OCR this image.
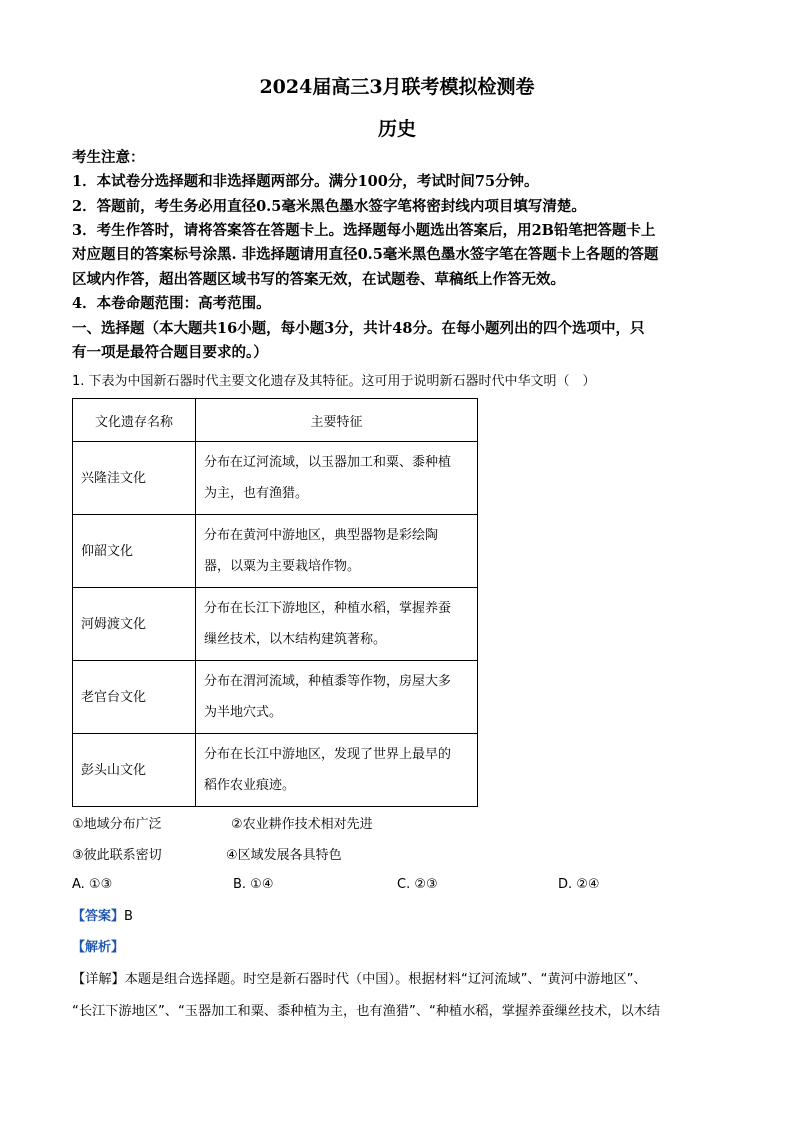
2024届高三3月联考模拟检测卷
历史
考生注意：
1．本试卷分选择题和非选择题两部分。满分100分，考试时间75分钟。
2．答题前，考生务必用直径0.5毫米黑色墨水签字笔将密封线内项目填写清楚。
3．考生作答时，请将答案答在答题卡上。选择题每小题选出答案后，用2B铅笔把答题卡上
对应题目的答案标号涂黑. 非选择题请用直径0.5毫米黑色墨水签字笔在答题卡上各题的答题
区域内作答，超出答题区域书写的答案无效，在试题卷、草稿纸上作答无效。
4．本卷命题范围：高考范围。
一、选择题（本大题共16小题，每小题3分，共计48分。在每小题列出的四个选项中，只
有一项是最符合题目要求的。）
1. 下表为中国新石器时代主要文化遗存及其特征。这可用于说明新石器时代中华文明（　）
文化遗存名称	主要特征
兴隆洼文化	分布在辽河流域，以玉器加工和粟、黍种植
为主，也有渔猎。
仰韶文化	分布在黄河中游地区，典型器物是彩绘陶
器，以粟为主要栽培作物。
河姆渡文化	分布在长江下游地区，种植水稻，掌握养蚕
缫丝技术，以木结构建筑著称。
老官台文化	分布在渭河流域，种植黍等作物，房屋大多
为半地穴式。
彭头山文化	分布在长江中游地区，发现了世界上最早的
稻作农业痕迹。
①地域分布广泛	②农业耕作技术相对先进
③彼此联系密切	④区域发展各具特色
A. ①③	B. ①④	C. ②③	D. ②④
【答案】B
【解析】
【详解】本题是组合选择题。时空是新石器时代（中国）。根据材料“辽河流域”、“黄河中游地区”、
“长江下游地区”、“玉器加工和粟、黍种植为主，也有渔猎”、“种植水稻，掌握养蚕缫丝技术，以木结
